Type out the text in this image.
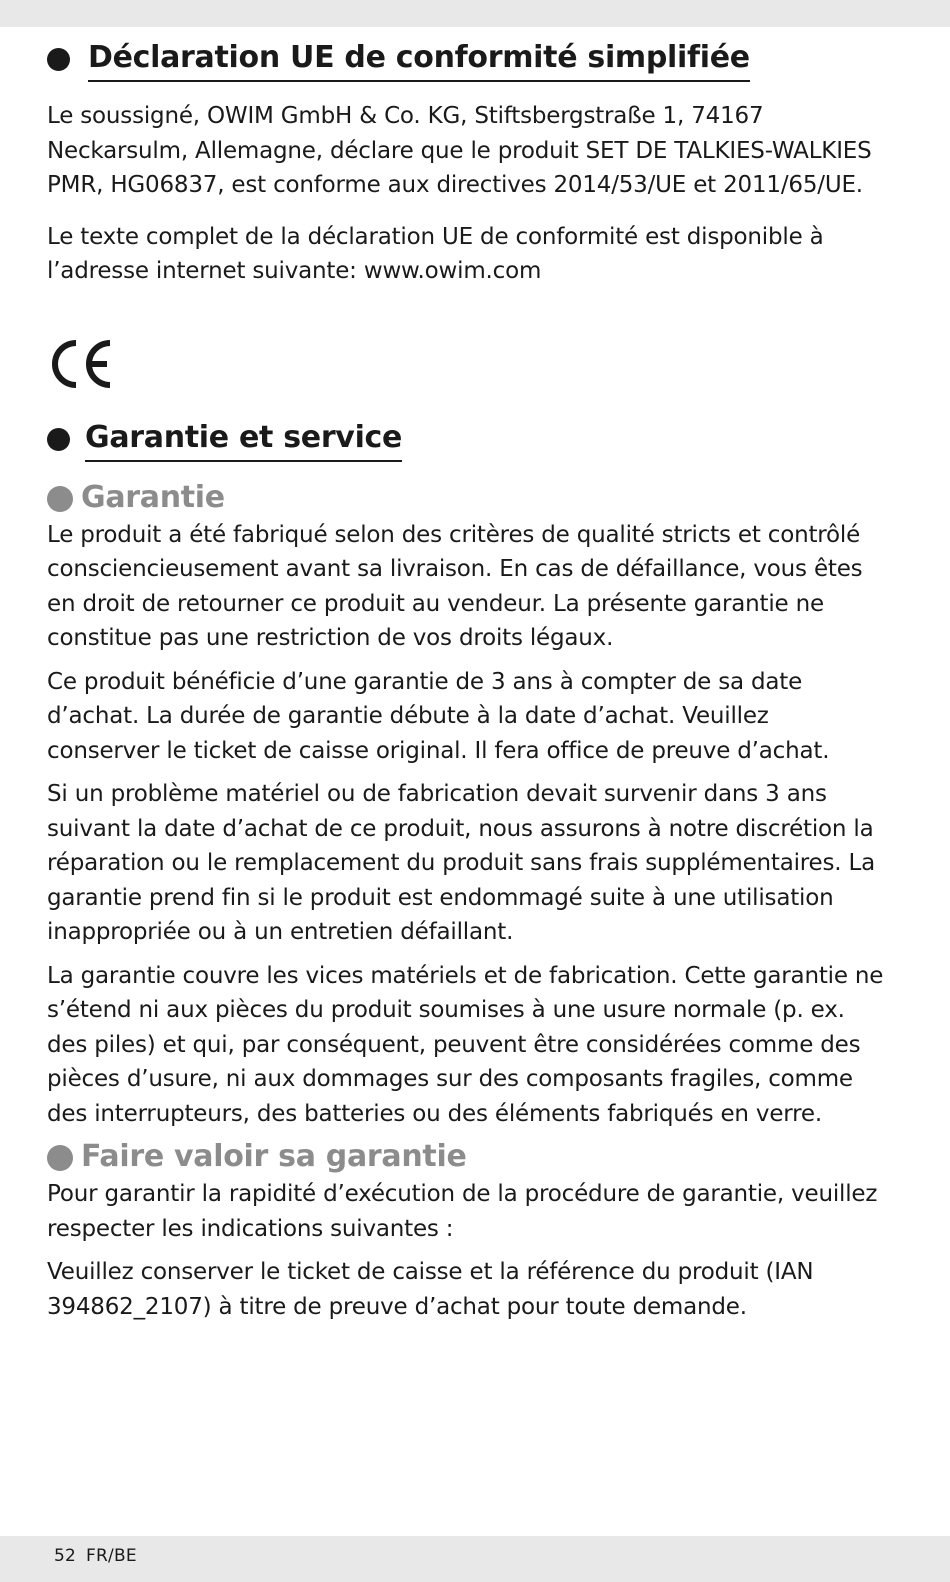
Déclaration UE de conformité simplifiée

Le soussigné, OWIM GmbH & Co. KG, Stiftsbergstraße 1, 74167 Neckarsulm, Allemagne, déclare que le produit SET DE TALKIES-WALKIES PMR, HG06837, est conforme aux directives 2014/53/UE et 2011/65/UE.

Le texte complet de la déclaration UE de conformité est disponible à l’adresse internet suivante: www.owim.com

Garantie et service
Garantie

Le produit a été fabriqué selon des critères de qualité stricts et contrôlé consciencieusement avant sa livraison. En cas de défaillance, vous êtes en droit de retourner ce produit au vendeur. La présente garantie ne constitue pas une restriction de vos droits légaux.

Ce produit bénéficie d’une garantie de 3 ans à compter de sa date d’achat. La durée de garantie débute à la date d’achat. Veuillez conserver le ticket de caisse original. Il fera office de preuve d’achat.

Si un problème matériel ou de fabrication devait survenir dans 3 ans suivant la date d’achat de ce produit, nous assurons à notre discrétion la réparation ou le remplacement du produit sans frais supplémentaires. La garantie prend fin si le produit est endommagé suite à une utilisation inappropriée ou à un entretien défaillant.

La garantie couvre les vices matériels et de fabrication. Cette garantie ne s’étend ni aux pièces du produit soumises à une usure normale (p. ex. des piles) et qui, par conséquent, peuvent être considérées comme des pièces d’usure, ni aux dommages sur des composants fragiles, comme des interrupteurs, des batteries ou des éléments fabriqués en verre.

Faire valoir sa garantie

Pour garantir la rapidité d’exécution de la procédure de garantie, veuillez respecter les indications suivantes :

Veuillez conserver le ticket de caisse et la référence du produit (IAN 394862_2107) à titre de preuve d’achat pour toute demande.

52 FR/BE
